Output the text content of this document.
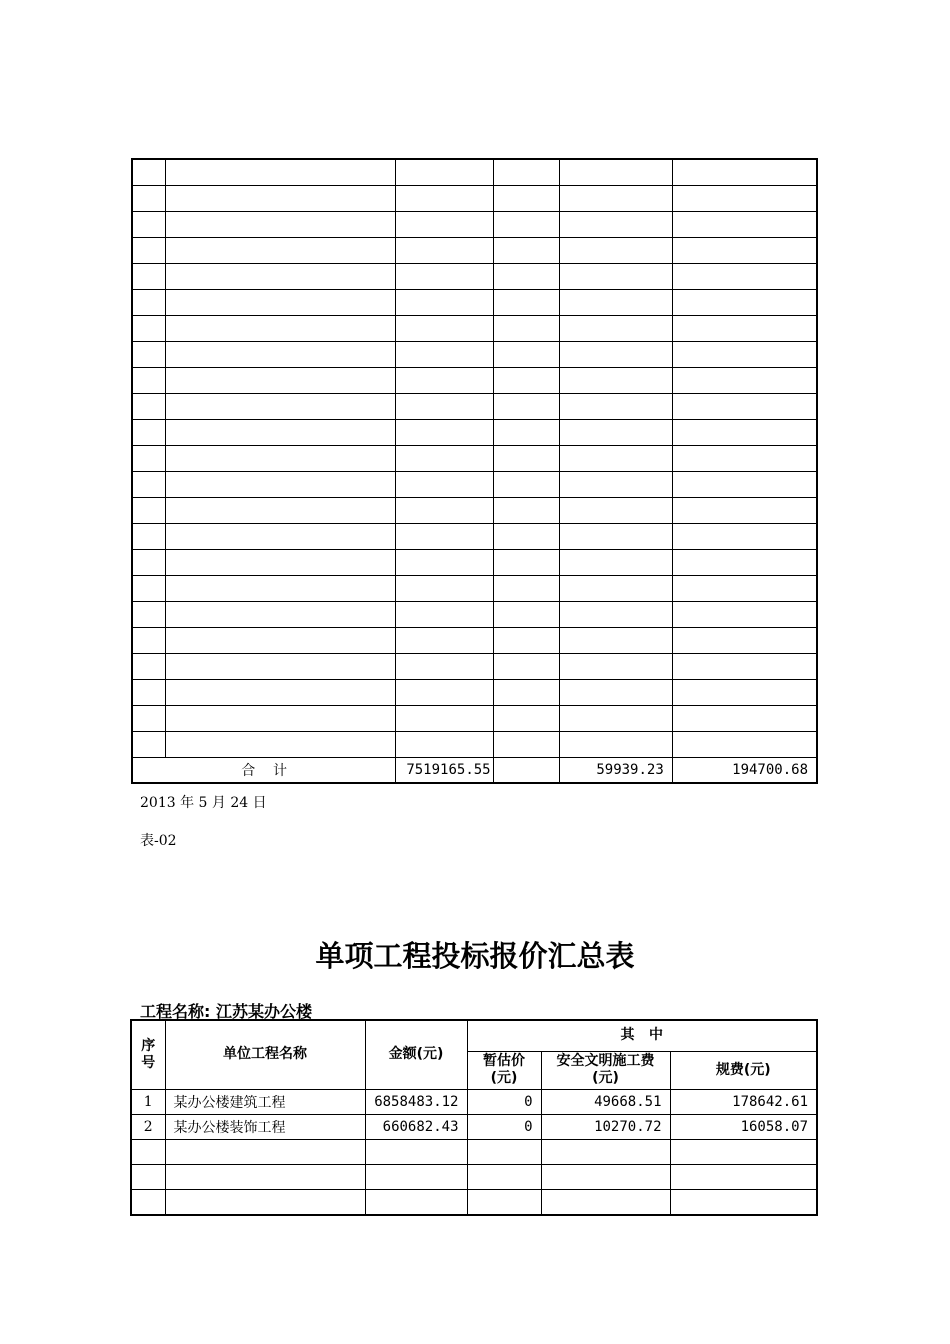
合    计		7519165.55		59939.23	194700.68
2013 年 5 月 24 日
表-02
单项工程投标报价汇总表
工程名称: 江苏某办公楼
序号	单位工程名称	金额(元)	其   中		
			暂估价(元)	安全文明施工费(元)	规费(元)
1	某办公楼建筑工程	6858483.12	0	49668.51	178642.61
2	某办公楼装饰工程	660682.43	0	10270.72	16058.07
